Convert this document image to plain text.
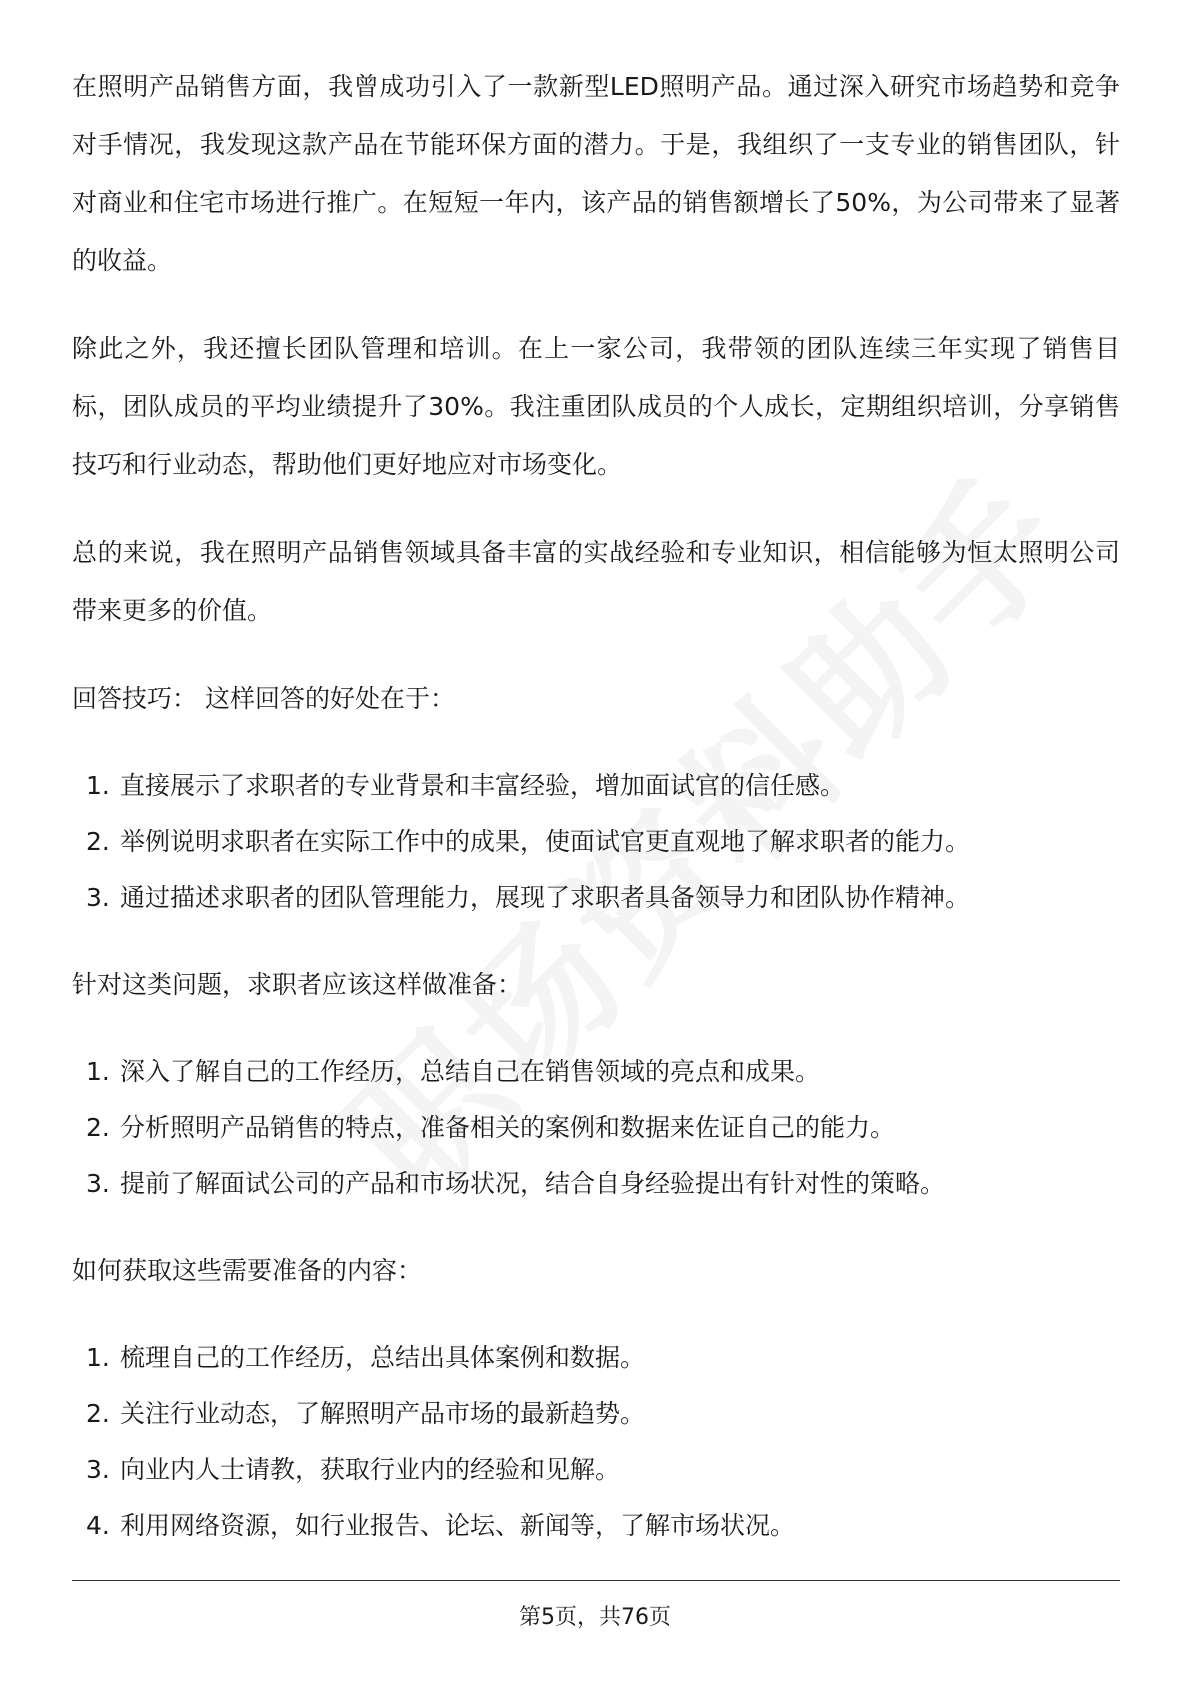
在照明产品销售方面，我曾成功引入了一款新型LED照明产品。通过深入研究市场趋势和竞争对手情况，我发现这款产品在节能环保方面的潜力。于是，我组织了一支专业的销售团队，针对商业和住宅市场进行推广。在短短一年内，该产品的销售额增长了50%，为公司带来了显著的收益。

除此之外，我还擅长团队管理和培训。在上一家公司，我带领的团队连续三年实现了销售目标，团队成员的平均业绩提升了30%。我注重团队成员的个人成长，定期组织培训，分享销售技巧和行业动态，帮助他们更好地应对市场变化。

总的来说，我在照明产品销售领域具备丰富的实战经验和专业知识，相信能够为恒太照明公司带来更多的价值。

回答技巧： 这样回答的好处在于：

1. 直接展示了求职者的专业背景和丰富经验，增加面试官的信任感。
2. 举例说明求职者在实际工作中的成果，使面试官更直观地了解求职者的能力。
3. 通过描述求职者的团队管理能力，展现了求职者具备领导力和团队协作精神。

针对这类问题，求职者应该这样做准备：

1. 深入了解自己的工作经历，总结自己在销售领域的亮点和成果。
2. 分析照明产品销售的特点，准备相关的案例和数据来佐证自己的能力。
3. 提前了解面试公司的产品和市场状况，结合自身经验提出有针对性的策略。

如何获取这些需要准备的内容：

1. 梳理自己的工作经历，总结出具体案例和数据。
2. 关注行业动态，了解照明产品市场的最新趋势。
3. 向业内人士请教，获取行业内的经验和见解。
4. 利用网络资源，如行业报告、论坛、新闻等，了解市场状况。
第5页，共76页
